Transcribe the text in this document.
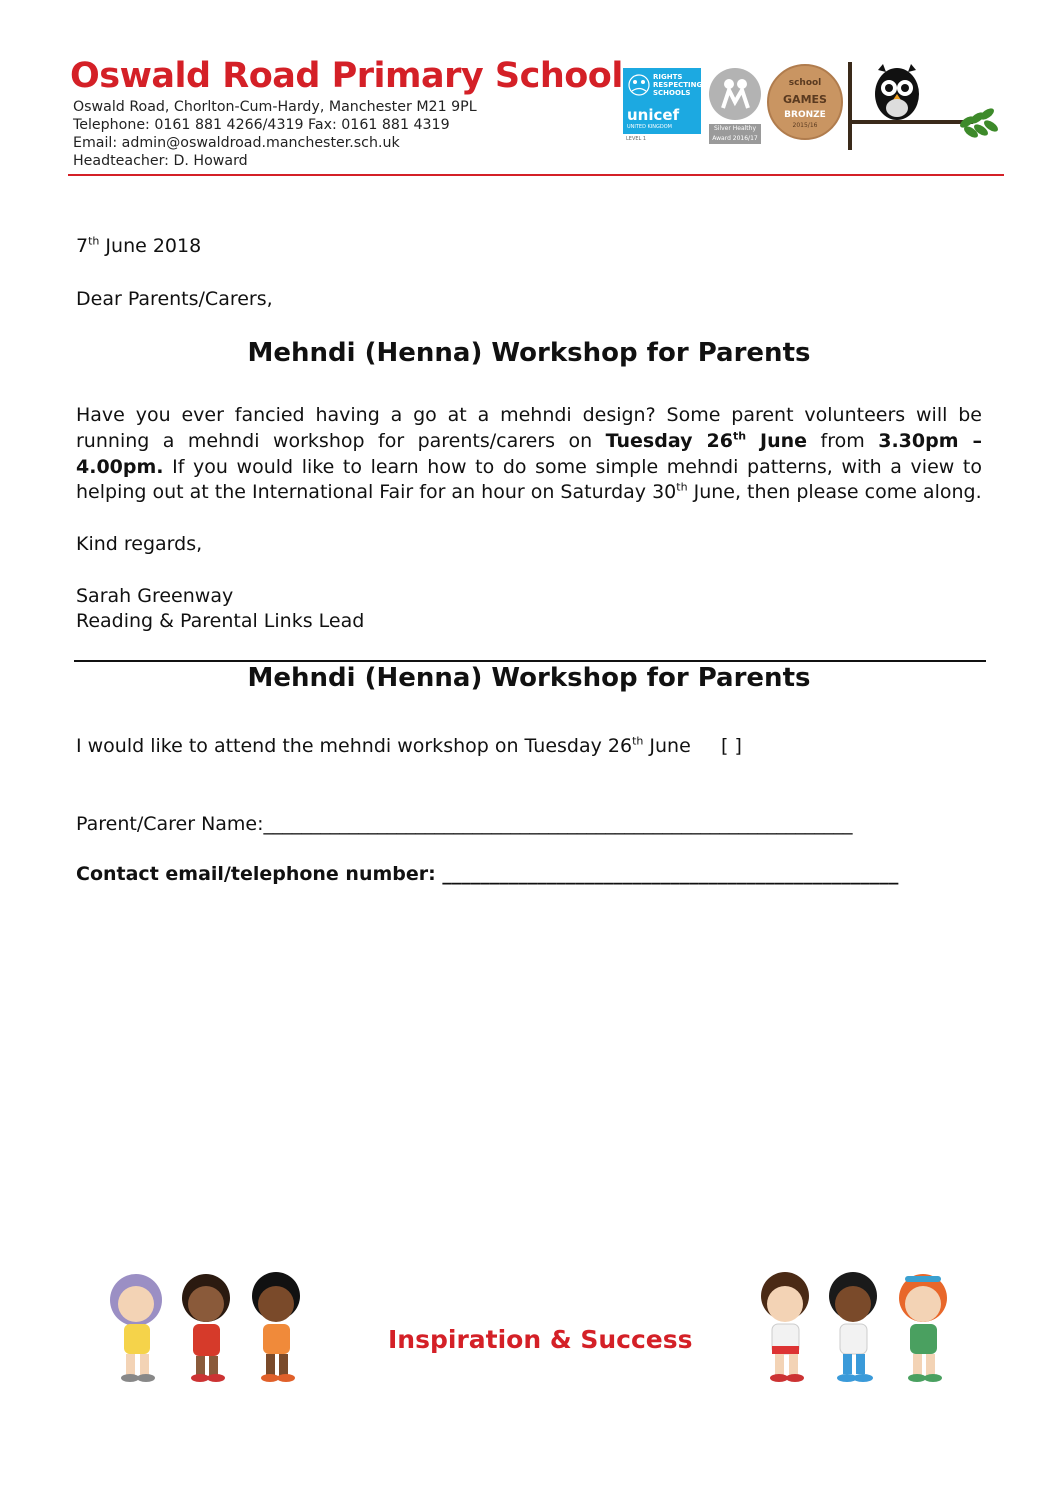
Oswald Road Primary School
Oswald Road, Chorlton-Cum-Hardy, Manchester M21 9PL
Telephone: 0161 881 4266/4319 Fax: 0161 881 4319
Email: admin@oswaldroad.manchester.sch.uk
Headteacher: D. Howard
RIGHTS RESPECTING SCHOOLS
unicef
UNITED KINGDOM
LEVEL 1
Silver Healthy Award 2016/17
school
GAMES
BRONZE
2015/16
7th June 2018
Dear Parents/Carers,
Mehndi (Henna) Workshop for Parents
Have you ever fancied having a go at a mehndi design? Some parent volunteers will be running a mehndi workshop for parents/carers on Tuesday 26th June from 3.30pm – 4.00pm. If you would like to learn how to do some simple mehndi patterns, with a view to helping out at the International Fair for an hour on Saturday 30th June, then please come along.
Kind regards,
Sarah Greenway
Reading & Parental Links Lead
Mehndi (Henna) Workshop for Parents
I would like to attend the mehndi workshop on Tuesday 26th June [ ]
Parent/Carer Name:______________________________________________________________
Contact email/telephone number: ________________________________________________
Inspiration & Success
